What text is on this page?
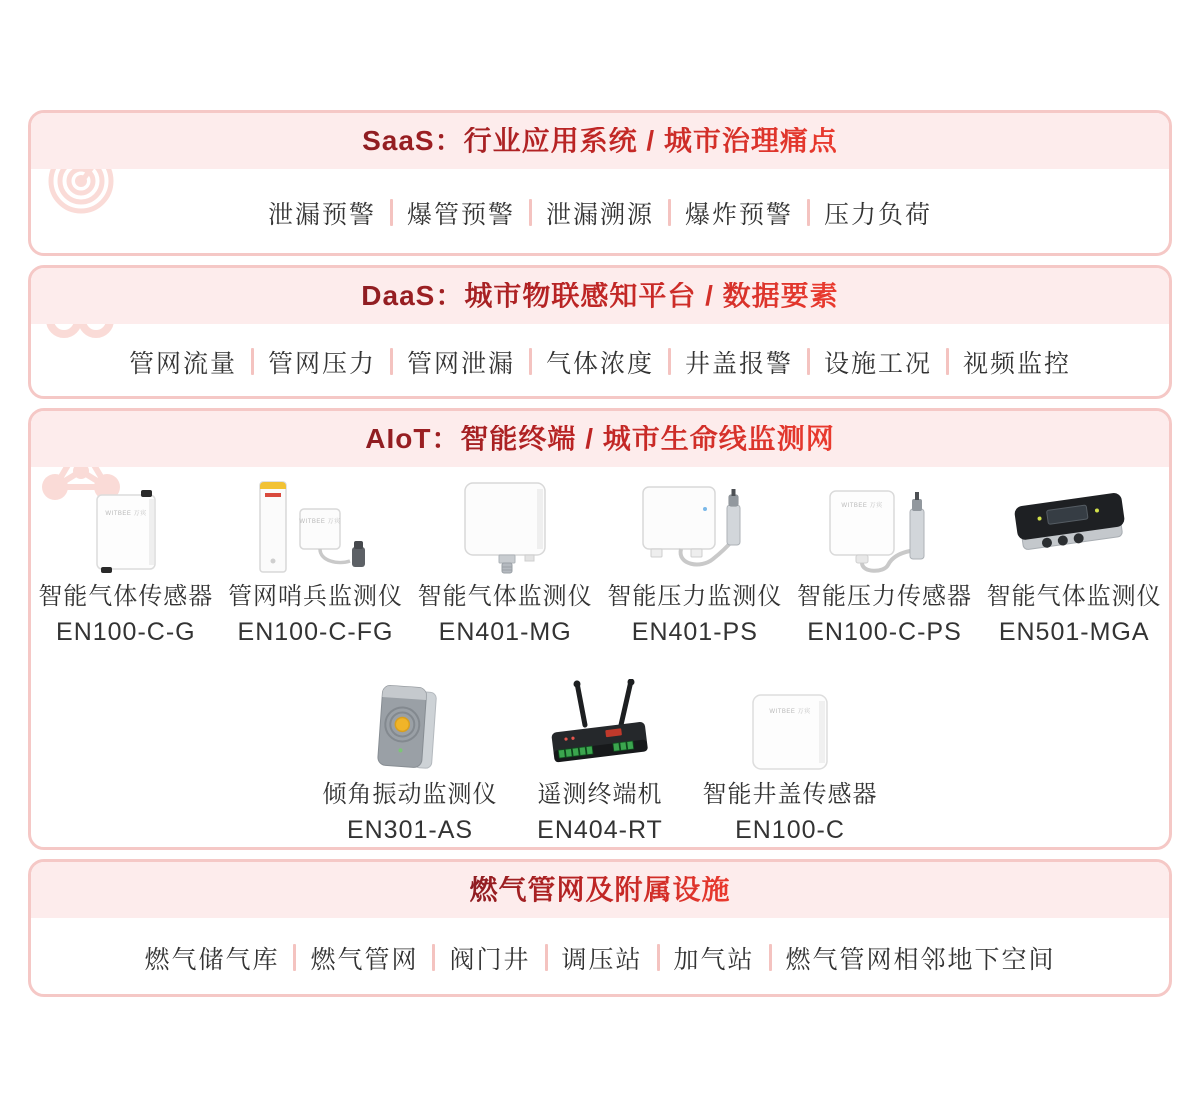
SaaS：行业应用系统 / 城市治理痛点
泄漏预警 爆管预警 泄漏溯源 爆炸预警 压力负荷
DaaS：城市物联感知平台 / 数据要素
管网流量 管网压力 管网泄漏 气体浓度 井盖报警 设施工况 视频监控
AIoT：智能终端 / 城市生命线监测网
WITBEE 万宾
智能气体传感器
EN100-C-G
WITBEE 万宾
管网哨兵监测仪
EN100-C-FG
智能气体监测仪
EN401-MG
智能压力监测仪
EN401-PS
WITBEE 万宾
智能压力传感器
EN100-C-PS
智能气体监测仪
EN501-MGA
倾角振动监测仪
EN301-AS
遥测终端机
EN404-RT
WITBEE 万宾
智能井盖传感器
EN100-C
燃气管网及附属设施
燃气储气库 燃气管网 阀门井 调压站 加气站 燃气管网相邻地下空间
